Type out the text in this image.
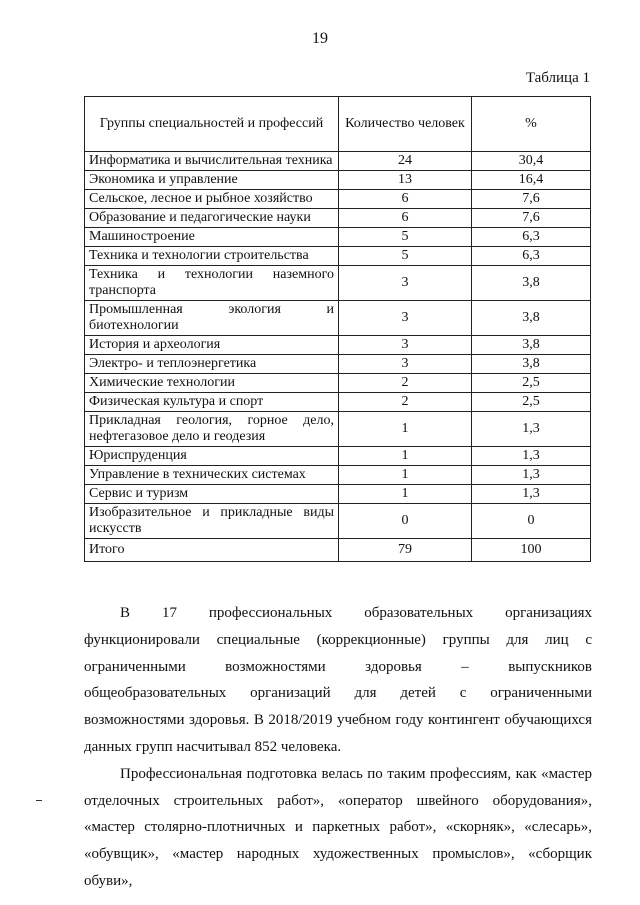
19
Таблица 1
Группы специальностей и профессий	Количество человек	%
Информатика и вычислительная техника	24	30,4
Экономика и управление	13	16,4
Сельское, лесное и рыбное хозяйство	6	7,6
Образование и педагогические науки	6	7,6
Машиностроение	5	6,3
Техника и технологии строительства	5	6,3
Техника и технологии наземного транспорта	3	3,8
Промышленная экология и биотехнологии	3	3,8
История и археология	3	3,8
Электро- и теплоэнергетика	3	3,8
Химические технологии	2	2,5
Физическая культура и спорт	2	2,5
Прикладная геология, горное дело, нефтегазовое дело и геодезия	1	1,3
Юриспруденция	1	1,3
Управление в технических системах	1	1,3
Сервис и туризм	1	1,3
Изобразительное и прикладные виды искусств	0	0
Итого	79	100

В 17 профессиональных образовательных организациях функционировали специальные (коррекционные) группы для лиц с ограниченными возможностями здоровья – выпускников общеобразовательных организаций для детей с ограниченными возможностями здоровья. В 2018/2019 учебном году контингент обучающихся данных групп насчитывал 852 человека.

Профессиональная подготовка велась по таким профессиям, как «мастер отделочных строительных работ», «оператор швейного оборудования», «мастер столярно-плотничных и паркетных работ», «скорняк», «слесарь», «обувщик», «мастер народных художественных промыслов», «сборщик обуви»,
